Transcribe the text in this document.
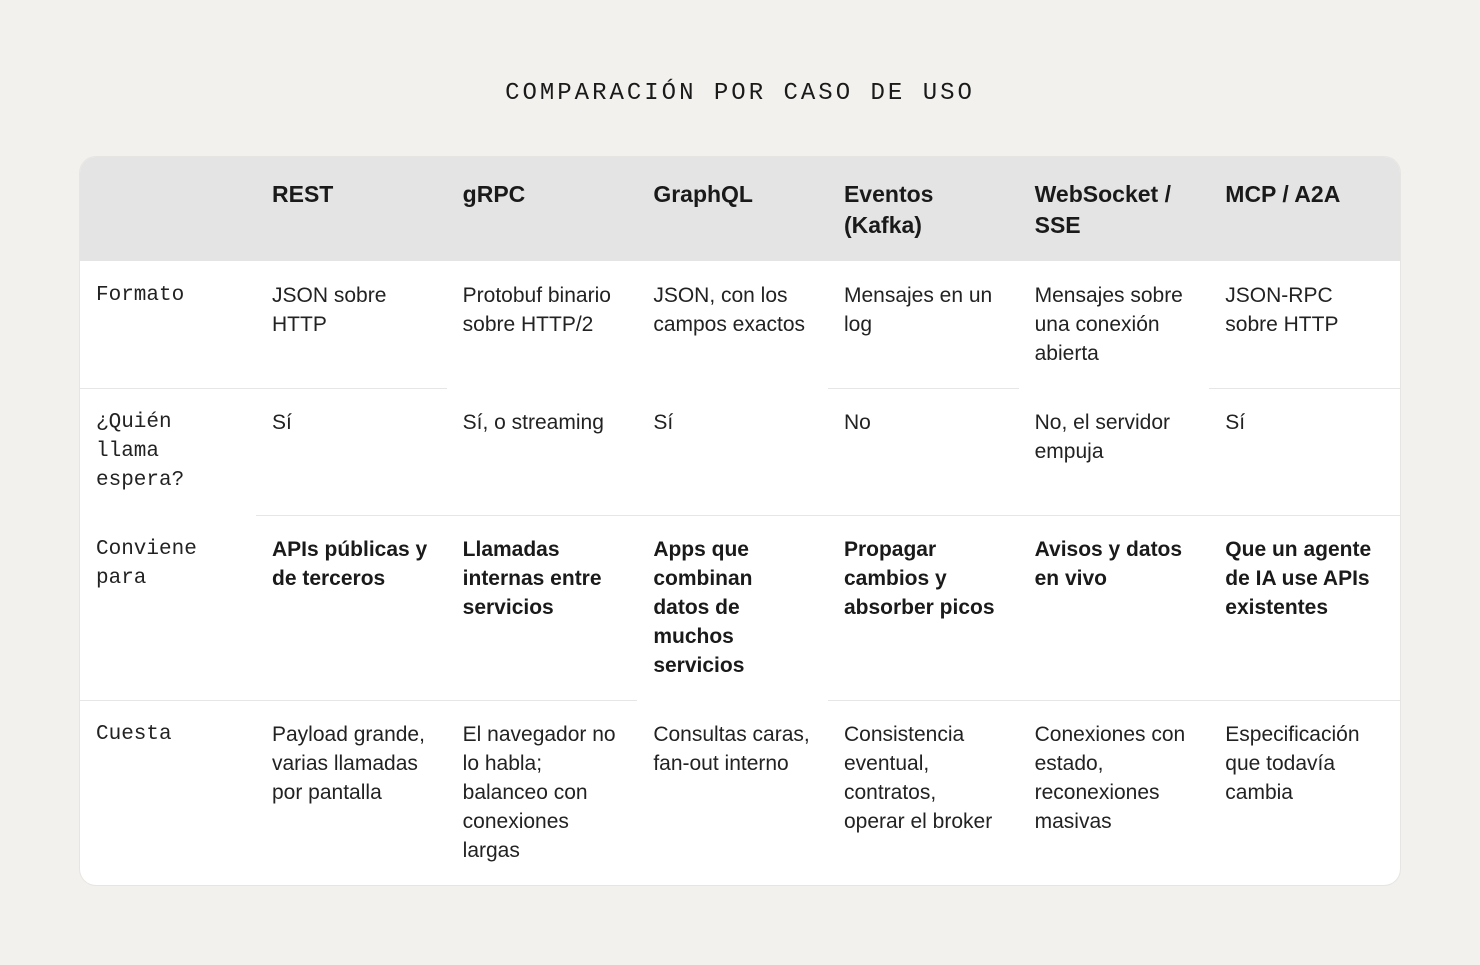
COMPARACIÓN POR CASO DE USO
	REST	gRPC	GraphQL	Eventos (Kafka)	WebSocket / SSE	MCP / A2A
Formato	JSON sobre HTTP	Protobuf binario sobre HTTP/2	JSON, con los campos exactos	Mensajes en un log	Mensajes sobre una conexión abierta	JSON-RPC sobre HTTP
¿Quién llama espera?	Sí	Sí, o streaming	Sí	No	No, el servidor empuja	Sí
Conviene para	APIs públicas y de terceros	Llamadas internas entre servicios	Apps que combinan datos de muchos servicios	Propagar cambios y absorber picos	Avisos y datos en vivo	Que un agente de IA use APIs existentes
Cuesta	Payload grande, varias llamadas por pantalla	El navegador no lo habla; balanceo con conexiones largas	Consultas caras, fan-out interno	Consistencia eventual, contratos, operar el broker	Conexiones con estado, reconexiones masivas	Especificación que todavía cambia
